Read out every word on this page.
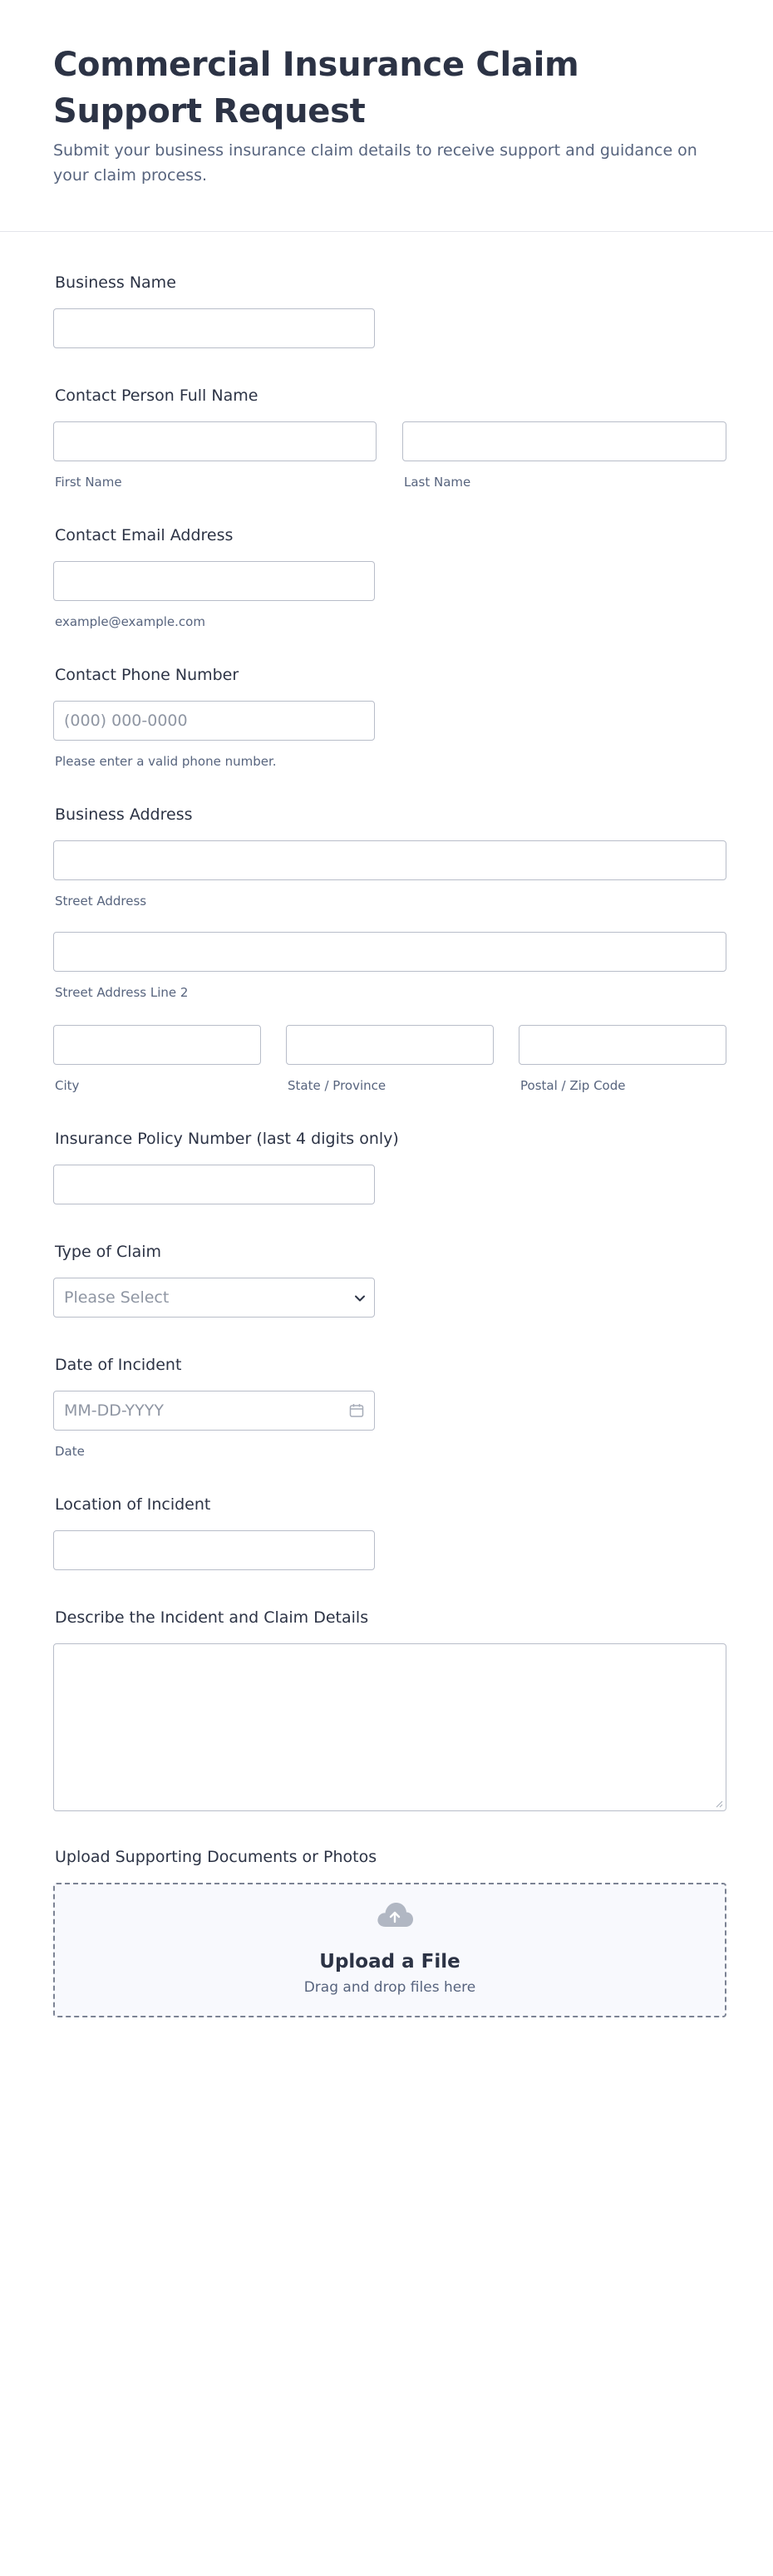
Commercial Insurance Claim Support Request
Submit your business insurance claim details to receive support and guidance on your claim process.
Business Name
Contact Person Full Name
First Name	Last Name
Contact Email Address
example@example.com
Contact Phone Number
(000) 000-0000
Please enter a valid phone number.
Business Address
Street Address
Street Address Line 2
City	State / Province	Postal / Zip Code
Insurance Policy Number (last 4 digits only)
Type of Claim
Please Select
Date of Incident
MM-DD-YYYY
Date
Location of Incident
Describe the Incident and Claim Details
Upload Supporting Documents or Photos
Upload a File
Drag and drop files here
